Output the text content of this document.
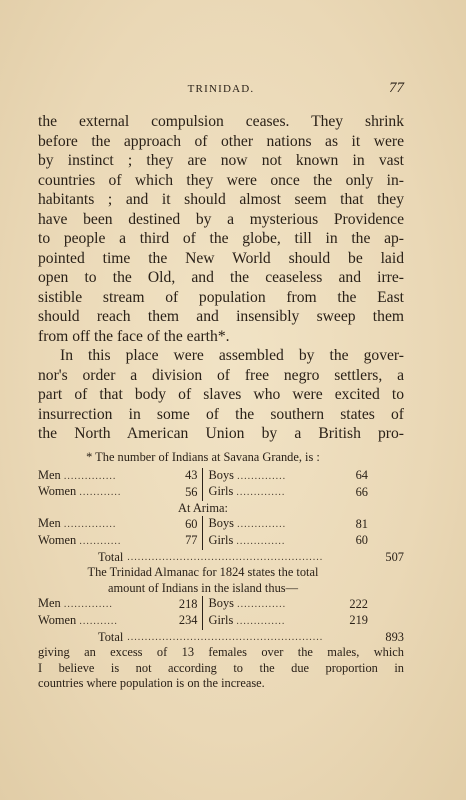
TRINIDAD.	77

the external compulsion ceases. They shrink
before the approach of other nations as it were
by instinct ; they are now not known in vast
countries of which they were once the only in-
habitants ; and it should almost seem that they
have been destined by a mysterious Providence
to people a third of the globe, till in the ap-
pointed time the New World should be laid
open to the Old, and the ceaseless and irre-
sistible stream of population from the East
should reach them and insensibly sweep them
from off the face of the earth*.

In this place were assembled by the gover-
nor's order a division of free negro settlers, a
part of that body of slaves who were excited to
insurrection in some of the southern states of
the North American Union by a British pro-

* The number of Indians at Savana Grande, is :
Men ...............	43	Boys ..............	64
Women ............	56	Girls ..............	66
At Arima:
Men ...............	60	Boys ..............	81
Women ............	77	Girls ..............	60
Total ........................................................	507
The Trinidad Almanac for 1824 states the total
amount of Indians in the island thus—
Men ..............	218	Boys ..............	222
Women ...........	234	Girls ..............	219
Total ........................................................	893
giving an excess of 13 females over the males, which
I believe is not according to the due proportion in
countries where population is on the increase.
